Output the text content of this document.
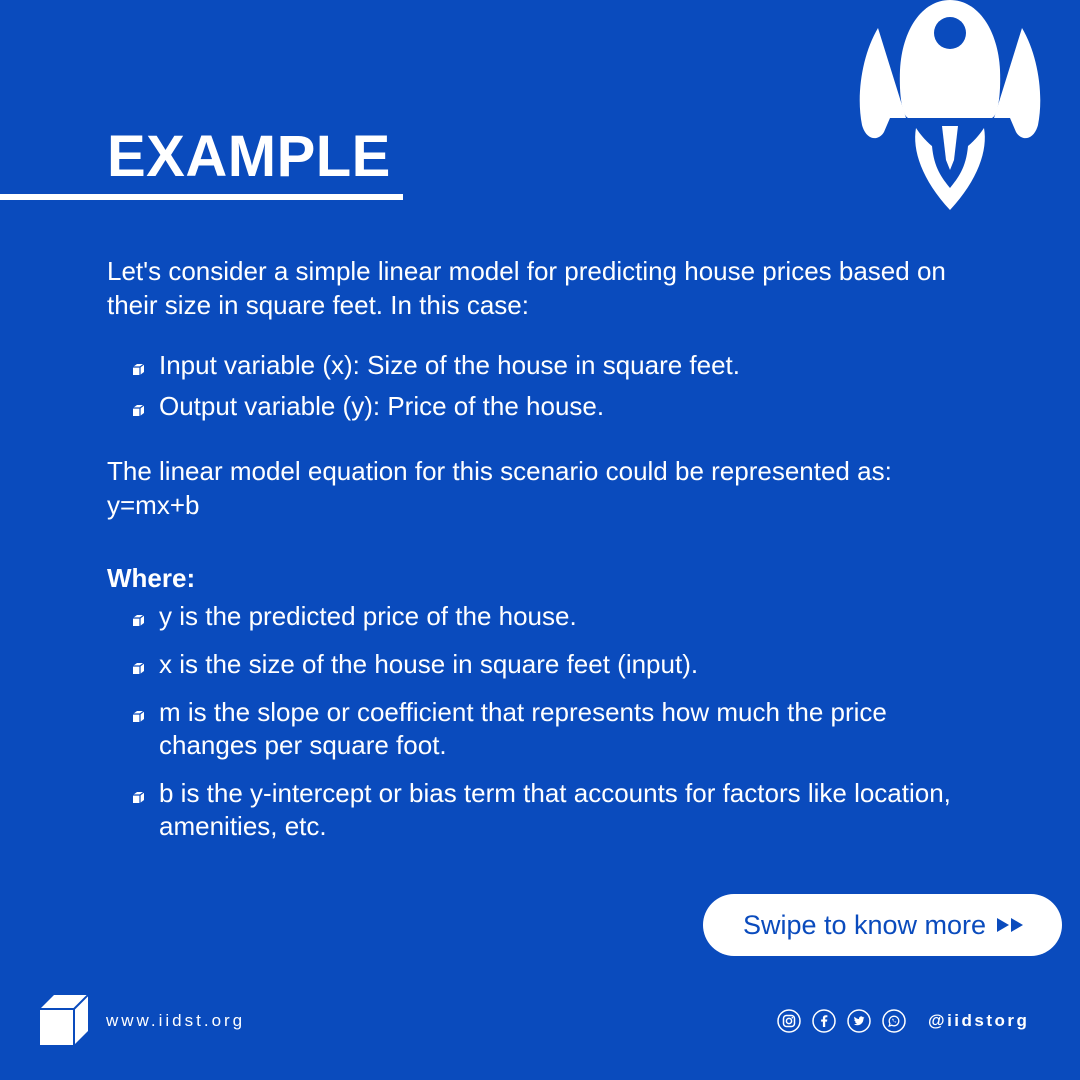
EXAMPLE

Let's consider a simple linear model for predicting house prices based on their size in square feet. In this case:

Input variable (x): Size of the house in square feet.
Output variable (y): Price of the house.

The linear model equation for this scenario could be represented as: y=mx+b

Where:

y is the predicted price of the house.
x is the size of the house in square feet (input).
m is the slope or coefficient that represents how much the price changes per square foot.
b is the y-intercept or bias term that accounts for factors like location, amenities, etc.
Swipe to know more
www.iidst.org	@iidstorg
